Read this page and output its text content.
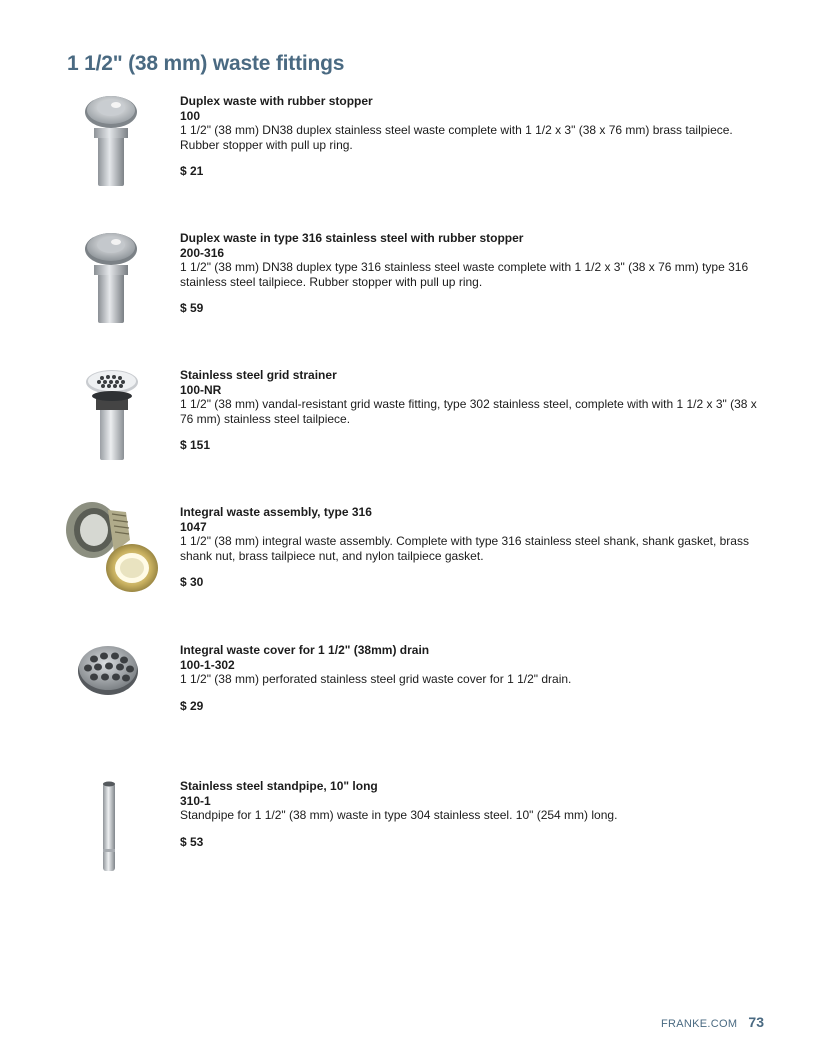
1 1/2" (38 mm) waste fittings
Duplex waste with rubber stopper
100
1 1/2" (38 mm) DN38 duplex stainless steel waste complete with 1 1/2 x 3" (38 x 76 mm) brass tailpiece. Rubber stopper with pull up ring.
$ 21
Duplex waste in type 316 stainless steel with rubber stopper
200-316
1 1/2" (38 mm) DN38 duplex type 316 stainless steel waste complete with 1 1/2 x 3" (38 x 76 mm) type 316 stainless steel tailpiece. Rubber stopper with pull up ring.
$ 59
Stainless steel grid strainer
100-NR
1 1/2" (38 mm) vandal-resistant grid waste fitting, type 302 stainless steel, complete with with 1 1/2 x 3" (38 x 76 mm) stainless steel tailpiece.
$ 151
Integral waste assembly, type 316
1047
1 1/2" (38 mm) integral waste assembly. Complete with type 316 stainless steel shank, shank gasket, brass shank nut, brass tailpiece nut, and nylon tailpiece gasket.
$ 30
Integral waste cover for 1 1/2" (38mm) drain
100-1-302
1 1/2" (38 mm) perforated stainless steel grid waste cover for 1 1/2" drain.
$ 29
Stainless steel standpipe, 10" long
310-1
Standpipe for 1 1/2" (38 mm) waste in type 304 stainless steel. 10" (254 mm) long.
$ 53
FRANKE.COM 73
